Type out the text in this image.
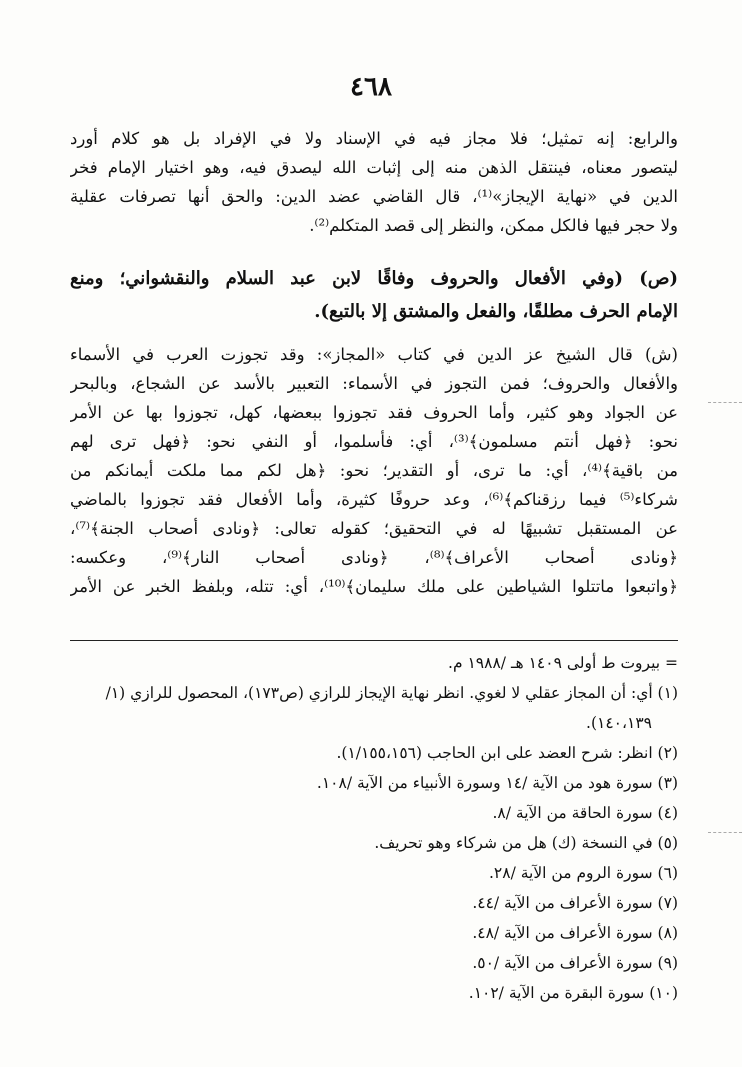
٤٦٨
والرابع: إنه تمثيل؛ فلا مجاز فيه في الإسناد ولا في الإفراد بل هو كلام أورد
ليتصور معناه، فينتقل الذهن منه إلى إثبات الله ليصدق فيه، وهو اختيار الإمام فخر
الدين في «نهاية الإيجاز»⁽¹⁾، قال القاضي عضد الدين: والحق أنها تصرفات عقلية
ولا حجر فيها فالكل ممكن، والنظر إلى قصد المتكلم⁽²⁾.
(ص) (وفي الأفعال والحروف وفاقًا لابن عبد السلام والنقشواني؛ ومنع
الإمام الحرف مطلقًا، والفعل والمشتق إلا بالتبع).
(ش) قال الشيخ عز الدين في كتاب «المجاز»: وقد تجوزت العرب في الأسماء
والأفعال والحروف؛ فمن التجوز في الأسماء: التعبير بالأسد عن الشجاع، وبالبحر
عن الجواد وهو كثير، وأما الحروف فقد تجوزوا ببعضها، كهل، تجوزوا بها عن الأمر
نحو: ﴿فهل أنتم مسلمون﴾⁽³⁾، أي: فأسلموا، أو النفي نحو: ﴿فهل ترى لهم
من باقية﴾⁽⁴⁾، أي: ما ترى، أو التقدير؛ نحو: ﴿هل لكم مما ملكت أيمانكم من
شركاء⁽⁵⁾ فيما رزقناكم﴾⁽⁶⁾، وعد حروفًا كثيرة، وأما الأفعال فقد تجوزوا بالماضي
عن المستقبل تشبيهًا له في التحقيق؛ كقوله تعالى: ﴿ونادى أصحاب الجنة﴾⁽⁷⁾،
﴿ونادى أصحاب الأعراف﴾⁽⁸⁾، ﴿ونادى أصحاب النار﴾⁽⁹⁾، وعكسه:
﴿واتبعوا ماتتلوا الشياطين على ملك سليمان﴾⁽¹⁰⁾، أي: تتله، وبلفظ الخبر عن الأمر
= بيروت ط أولى ١٤٠٩ هـ /١٩٨٨ م.
(١) أي: أن المجاز عقلي لا لغوي. انظر نهاية الإيجاز للرازي (ص١٧٣)، المحصول للرازي (١/
١٤٠،١٣٩).
(٢) انظر: شرح العضد على ابن الحاجب (١/١٥٥،١٥٦).
(٣) سورة هود من الآية /١٤ وسورة الأنبياء من الآية /١٠٨.
(٤) سورة الحاقة من الآية /٨.
(٥) في النسخة (ك) هل من شركاء وهو تحريف.
(٦) سورة الروم من الآية /٢٨.
(٧) سورة الأعراف من الآية /٤٤.
(٨) سورة الأعراف من الآية /٤٨.
(٩) سورة الأعراف من الآية /٥٠.
(١٠) سورة البقرة من الآية /١٠٢.
